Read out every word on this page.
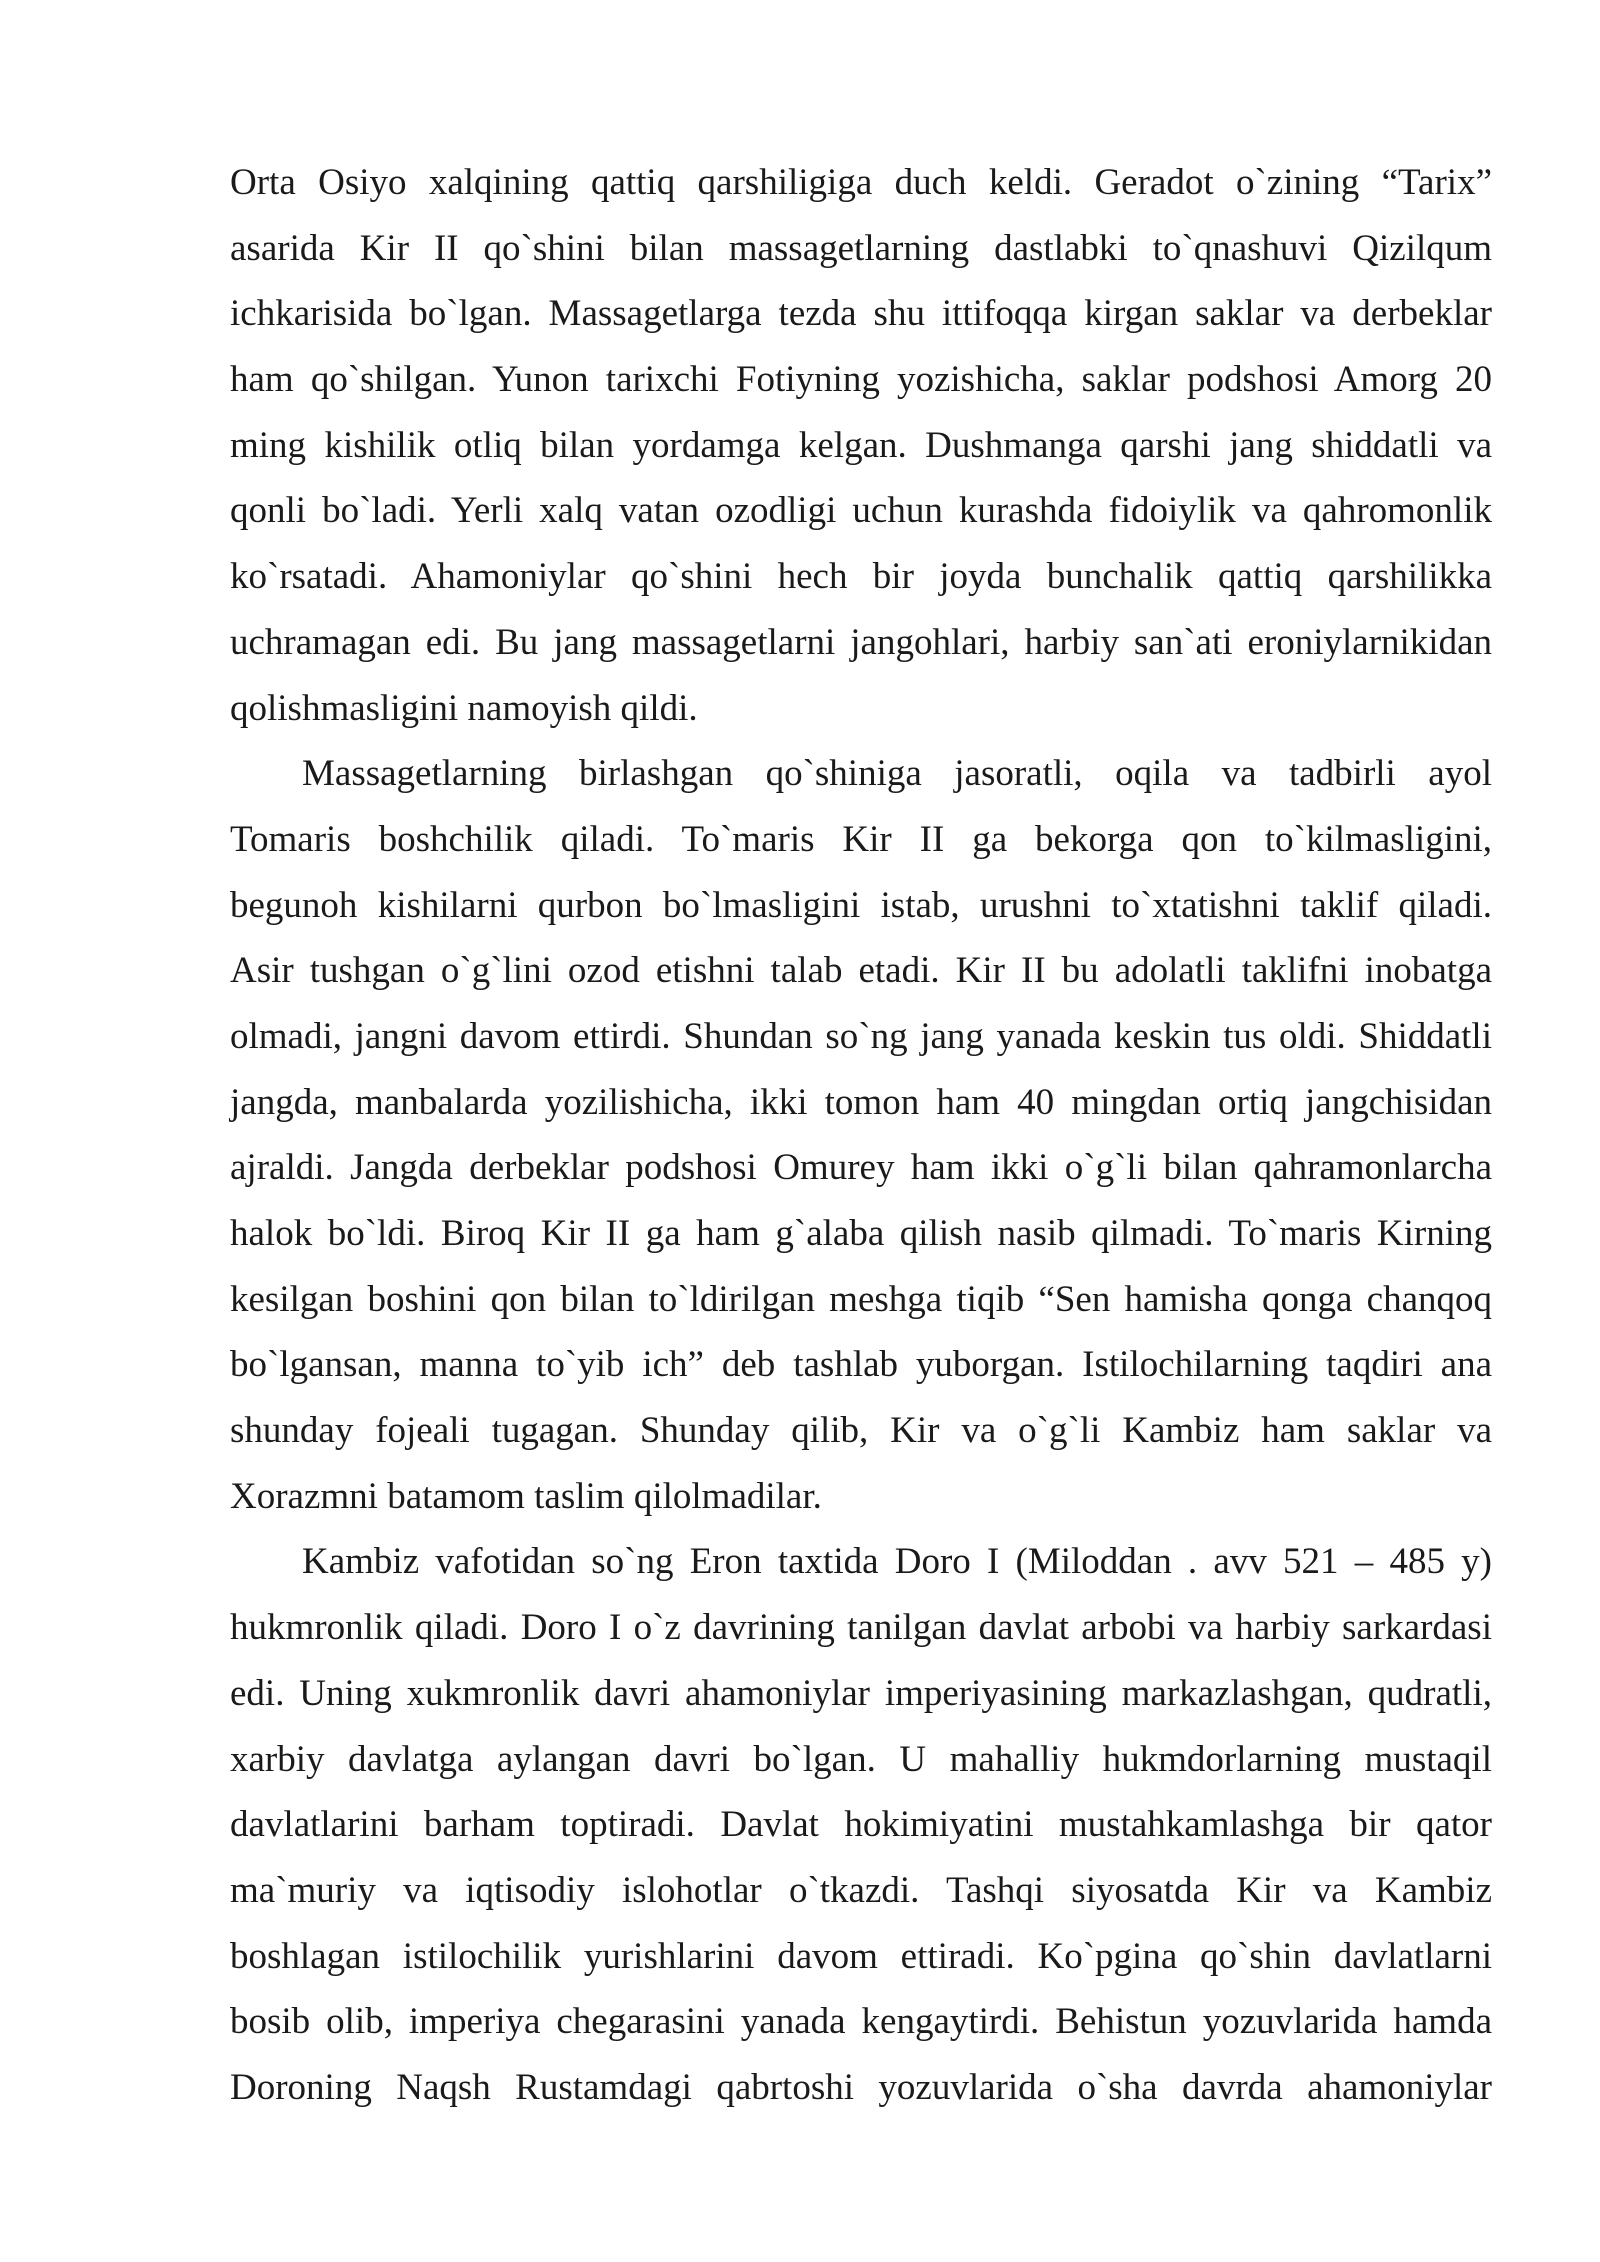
Orta Osiyo xalqining qattiq qarshiligiga duch keldi. Geradot o`zining “Tarix”
asarida Kir II qo`shini bilan massagetlarning dastlabki to`qnashuvi Qizilqum
ichkarisida bo`lgan. Massagetlarga tezda shu ittifoqqa kirgan saklar va derbeklar
ham qo`shilgan. Yunon tarixchi Fotiyning yozishicha, saklar podshosi Amorg 20
ming kishilik otliq bilan yordamga kelgan. Dushmanga qarshi jang shiddatli va
qonli bo`ladi. Yerli xalq vatan ozodligi uchun kurashda fidoiylik va qahromonlik
ko`rsatadi. Ahamoniylar qo`shini hech bir joyda bunchalik qattiq qarshilikka
uchramagan edi. Bu jang massagetlarni jangohlari, harbiy san`ati eroniylarnikidan
qolishmasligini namoyish qildi.
Massagetlarning birlashgan qo`shiniga jasoratli, oqila va tadbirli ayol
Tomaris boshchilik qiladi. To`maris Kir II ga bekorga qon to`kilmasligini,
begunoh kishilarni qurbon bo`lmasligini istab, urushni to`xtatishni taklif qiladi.
Asir tushgan o`g`lini ozod etishni talab etadi. Kir II bu adolatli taklifni inobatga
olmadi, jangni davom ettirdi. Shundan so`ng jang yanada keskin tus oldi. Shiddatli
jangda, manbalarda yozilishicha, ikki tomon ham 40 mingdan ortiq jangchisidan
ajraldi. Jangda derbeklar podshosi Omurey ham ikki o`g`li bilan qahramonlarcha
halok bo`ldi. Biroq Kir II ga ham g`alaba qilish nasib qilmadi. To`maris Kirning
kesilgan boshini qon bilan to`ldirilgan meshga tiqib “Sen hamisha qonga chanqoq
bo`lgansan, manna to`yib ich” deb tashlab yuborgan. Istilochilarning taqdiri ana
shunday fojeali tugagan. Shunday qilib, Kir va o`g`li Kambiz ham saklar va
Xorazmni batamom taslim qilolmadilar.
Kambiz vafotidan so`ng Eron taxtida Doro I (Miloddan . avv 521 – 485 y)
hukmronlik qiladi. Doro I o`z davrining tanilgan davlat arbobi va harbiy sarkardasi
edi. Uning xukmronlik davri ahamoniylar imperiyasining markazlashgan, qudratli,
xarbiy davlatga aylangan davri bo`lgan. U mahalliy hukmdorlarning mustaqil
davlatlarini barham toptiradi. Davlat hokimiyatini mustahkamlashga bir qator
ma`muriy va iqtisodiy islohotlar o`tkazdi. Tashqi siyosatda Kir va Kambiz
boshlagan istilochilik yurishlarini davom ettiradi. Ko`pgina qo`shin davlatlarni
bosib olib, imperiya chegarasini yanada kengaytirdi. Behistun yozuvlarida hamda
Doroning Naqsh Rustamdagi qabrtoshi yozuvlarida o`sha davrda ahamoniylar
